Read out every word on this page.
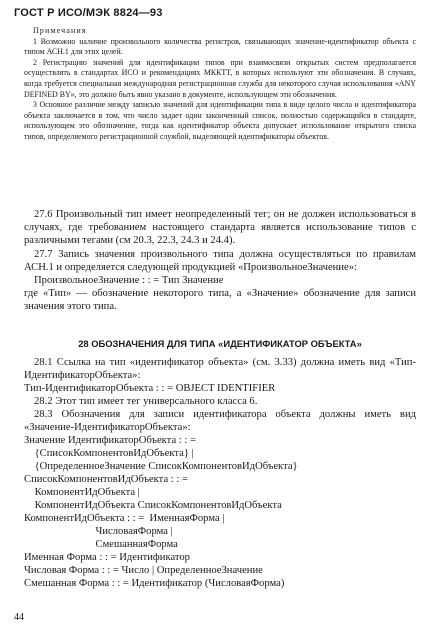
ГОСТ Р ИСО/МЭК 8824—93

Примечания

1 Возможно наличие произвольного количества регистров, связывающих значение-идентификатор объекта с типом АСН.1 для этих целей.

2 Регистрацию значений для идентификации типов при взаимосвязи открытых систем предполагается осуществлять в стандартах ИСО и рекомендациях МККТТ, в которых используют эти обозначения. В случаях, когда требуется специальная международная регистрационная служба для некоторого случая использования «ANY DEFINED BY», это должно быть явно указано в документе, использующем эти обозначения.

3 Основное различие между записью значений для идентификации типа в виде целого числа и идентификатора объекта заключается в том, что число задает один законченный список, полностью содержащийся в стандарте, использующем это обозначение, тогда как идентификатор объекта допускает использование открытого списка типов, определяемого регистрационной службой, выделяющей идентификаторы объектов.

27.6 Произвольный тип имеет неопределенный тег; он не должен использоваться в случаях, где требованием настоящего стандарта является использование типов с различными тегами (см 20.3, 22.3, 24.3 и 24.4).

27.7 Запись значения произвольного типа должна осуществляться по правилам АСН.1 и определяется следующей продукцией «ПроизвольноеЗначение»:

ПроизвольноеЗначение : : = Тип Значение

где «Тип» — обозначение некоторого типа, а «Значение» обозначение для записи значения этого типа.

28 ОБОЗНАЧЕНИЯ ДЛЯ ТИПА «ИДЕНТИФИКАТОР ОБЪЕКТА»

28.1 Ссылка на тип «идентификатор объекта» (см. 3.33) должна иметь вид «Тип-ИдентификаторОбъекта»:

Тип-ИдентификаторОбъекта : : = OBJECT IDENTIFIER

28.2 Этот тип имеет тег универсального класса 6.

28.3 Обозначения для записи идентификатора объекта должны иметь вид «Значение-ИдентификаторОбъекта»:

Значение ИдентификаторОбъекта : : =

{СписокКомпонентовИдОбъекта} |

{ОпределенноеЗначение СписокКомпонентовИдОбъекта}

СписокКомпонентовИдОбъекта : : =

КомпонентИдОбъекта |

КомпонентИдОбъекта СписокКомпонентовИдОбъекта

КомпонентИдОбъекта : : =  ИменнаяФорма |

ЧисловаяФорма |

СмешаннаяФорма

Именная Форма : : = Идентификатор

Числовая Форма : : = Число | ОпределенноеЗначение

Смешанная Форма : : = Идентификатор (ЧисловаяФорма)

44
